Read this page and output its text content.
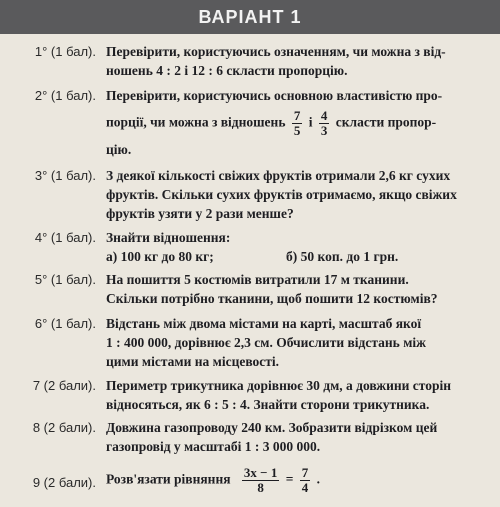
ВАРІАНТ 1
1° (1 бал). Перевірити, користуючись означенням, чи можна з від-
ношень 4 : 2 і 12 : 6 скласти пропорцію.
2° (1 бал). Перевірити, користуючись основною властивістю про-
порції, чи можна з відношень $\frac{7}{5}$ і $\frac{4}{3}$ скласти пропор-
цію.
3° (1 бал). З деякої кількості свіжих фруктів отримали 2,6 кг сухих
фруктів. Скільки сухих фруктів отримаємо, якщо свіжих
фруктів узяти у 2 рази менше?
4° (1 бал). Знайти відношення:
а) 100 кг до 80 кг;	б) 50 коп. до 1 грн.
5° (1 бал). На пошиття 5 костюмів витратили 17 м тканини.
Скільки потрібно тканини, щоб пошити 12 костюмів?
6° (1 бал). Відстань між двома містами на карті, масштаб якої
1 : 400 000, дорівнює 2,3 см. Обчислити відстань між
цими містами на місцевості.
7 (2 бали). Периметр трикутника дорівнює 30 дм, а довжини сторін
відносяться, як 6 : 5 : 4. Знайти сторони трикутника.
8 (2 бали). Довжина газопроводу 240 км. Зобразити відрізком цей
газопровід у масштабі 1 : 3 000 000.
9 (2 бали). Розв'язати рівняння $\frac{3x - 1}{8} = \frac{7}{4}$ .
